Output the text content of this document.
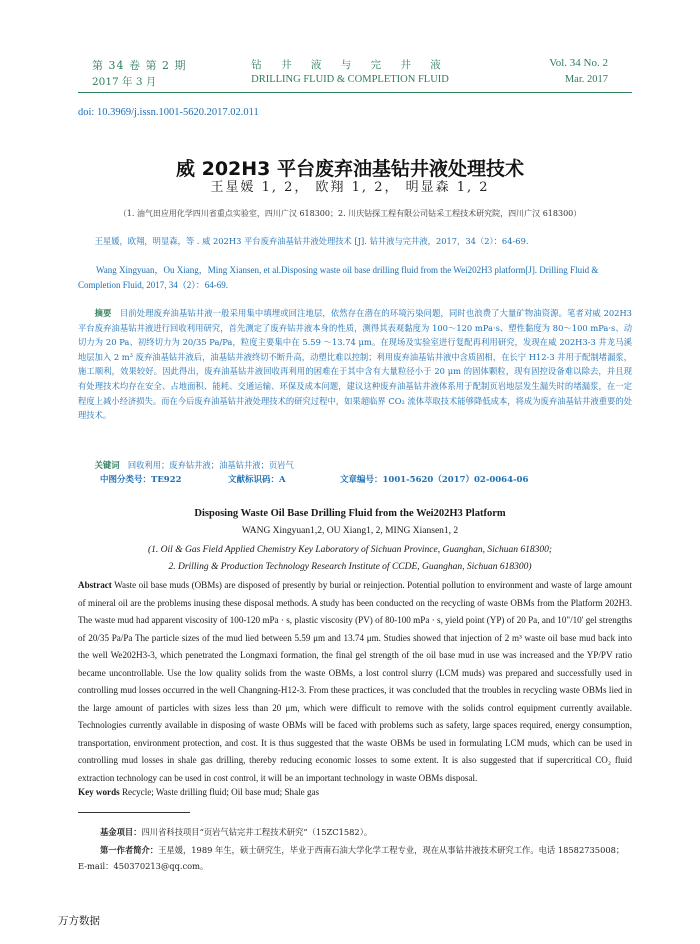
第 34 卷 第 2 期
2017 年 3 月
钻 井 液 与 完 井 液
DRILLING FLUID & COMPLETION FLUID
Vol. 34 No. 2
Mar. 2017
doi: 10.3969/j.issn.1001-5620.2017.02.011
威 202H3 平台废弃油基钻井液处理技术
王星媛 1, 2， 欧翔 1, 2， 明显森 1, 2
（1. 油气田应用化学四川省重点实验室，四川广汉 618300；2. 川庆钻探工程有限公司钻采工程技术研究院，四川广汉 618300）
王星媛，欧翔，明显森，等 . 威 202H3 平台废弃油基钻井液处理技术 [J]. 钻井液与完井液，2017，34（2）：64-69.
Wang Xingyuan，Ou Xiang，Ming Xiansen, et al.Disposing waste oil base drilling fluid from the Wei202H3 platform[J]. Drilling Fluid & Completion Fluid, 2017, 34（2）：64-69.
摘要　 目前处理废弃油基钻井液一般采用集中填埋或回注地层，依然存在潜在的环境污染问题，同时也浪费了大量矿物油资源。笔者对威 202H3 平台废弃油基钻井液进行回收利用研究，首先测定了废弃钻井液本身的性质，测得其表观黏度为 100～120 mPa·s、塑性黏度为 80～100 mPa·s、动切力为 20 Pa、初终切力为 20/35 Pa/Pa，粒度主要集中在 5.59 ～13.74 μm。在现场及实验室进行复配再利用研究，发现在威 202H3-3 井龙马溪地层加入 2 m³ 废弃油基钻井液后，油基钻井液终切不断升高，动塑比难以控制；利用废弃油基钻井液中含质固相，在长宁 H12-3 井用于配制堵漏浆，施工顺利，效果较好。因此得出，废弃油基钻井液回收再利用的困难在于其中含有大量粒径小于 20 μm 的固体颗粒，现有固控设备难以除去，并且现有处理技术均存在安全、占地面积、能耗、交通运输、环保及成本问题，建议这种废弃油基钻井液体系用于配制页岩地层发生漏失时的堵漏浆，在一定程度上减小经济损失。而在今后废弃油基钻井液处理技术的研究过程中，如果超临界 CO₂ 流体萃取技术能够降低成本，将成为废弃油基钻井液重要的处理技术。
关键词　 回收利用；废弃钻井液；油基钻井液；页岩气
中图分类号：TE922	文献标识码：A	文章编号：1001-5620（2017）02-0064-06
Disposing Waste Oil Base Drilling Fluid from the Wei202H3 Platform
WANG Xingyuan1,2, OU Xiang1, 2, MING Xiansen1, 2
(1. Oil & Gas Field Applied Chemistry Key Laboratory of Sichuan Province, Guanghan, Sichuan 618300;
2. Drilling & Production Technology Research Institute of CCDE, Guanghan, Sichuan 618300)
Abstract Waste oil base muds (OBMs) are disposed of presently by burial or reinjection. Potential pollution to environment and waste of large amount of mineral oil are the problems inusing these disposal methods. A study has been conducted on the recycling of waste OBMs from the Platform 202H3. The waste mud had apparent viscosity of 100-120 mPa · s, plastic viscosity (PV) of 80-100 mPa · s, yield point (YP) of 20 Pa, and 10"/10' gel strengths of 20/35 Pa/Pa The particle sizes of the mud lied between 5.59 μm and 13.74 μm. Studies showed that injection of 2 m³ waste oil base mud back into the well We202H3-3, which penetrated the Longmaxi formation, the final gel strength of the oil base mud in use was increased and the YP/PV ratio became uncontrollable. Use the low quality solids from the waste OBMs, a lost control slurry (LCM muds) was prepared and successfully used in controlling mud losses occurred in the well Changning-H12-3. From these practices, it was concluded that the troubles in recycling waste OBMs lied in the large amount of particles with sizes less than 20 μm, which were difficult to remove with the solids control equipment currently available. Technologies currently available in disposing of waste OBMs will be faced with problems such as safety, large spaces required, energy consumption, transportation, environment protection, and cost. It is thus suggested that the waste OBMs be used in formulating LCM muds, which can be used in controlling mud losses in shale gas drilling, thereby reducing economic losses to some extent. It is also suggested that if supercritical CO₂ fluid extraction technology can be used in cost control, it will be an important technology in waste OBMs disposal.
Key words Recycle; Waste drilling fluid; Oil base mud; Shale gas
基金项目：四川省科技项目“页岩气钻完井工程技术研究”（15ZC1582）。
第一作者简介：王星媛，1989 年生，硕士研究生，毕业于西南石油大学化学工程专业，现在从事钻井液技术研究工作。电话 18582735008；E-mail：450370213@qq.com。
万方数据
